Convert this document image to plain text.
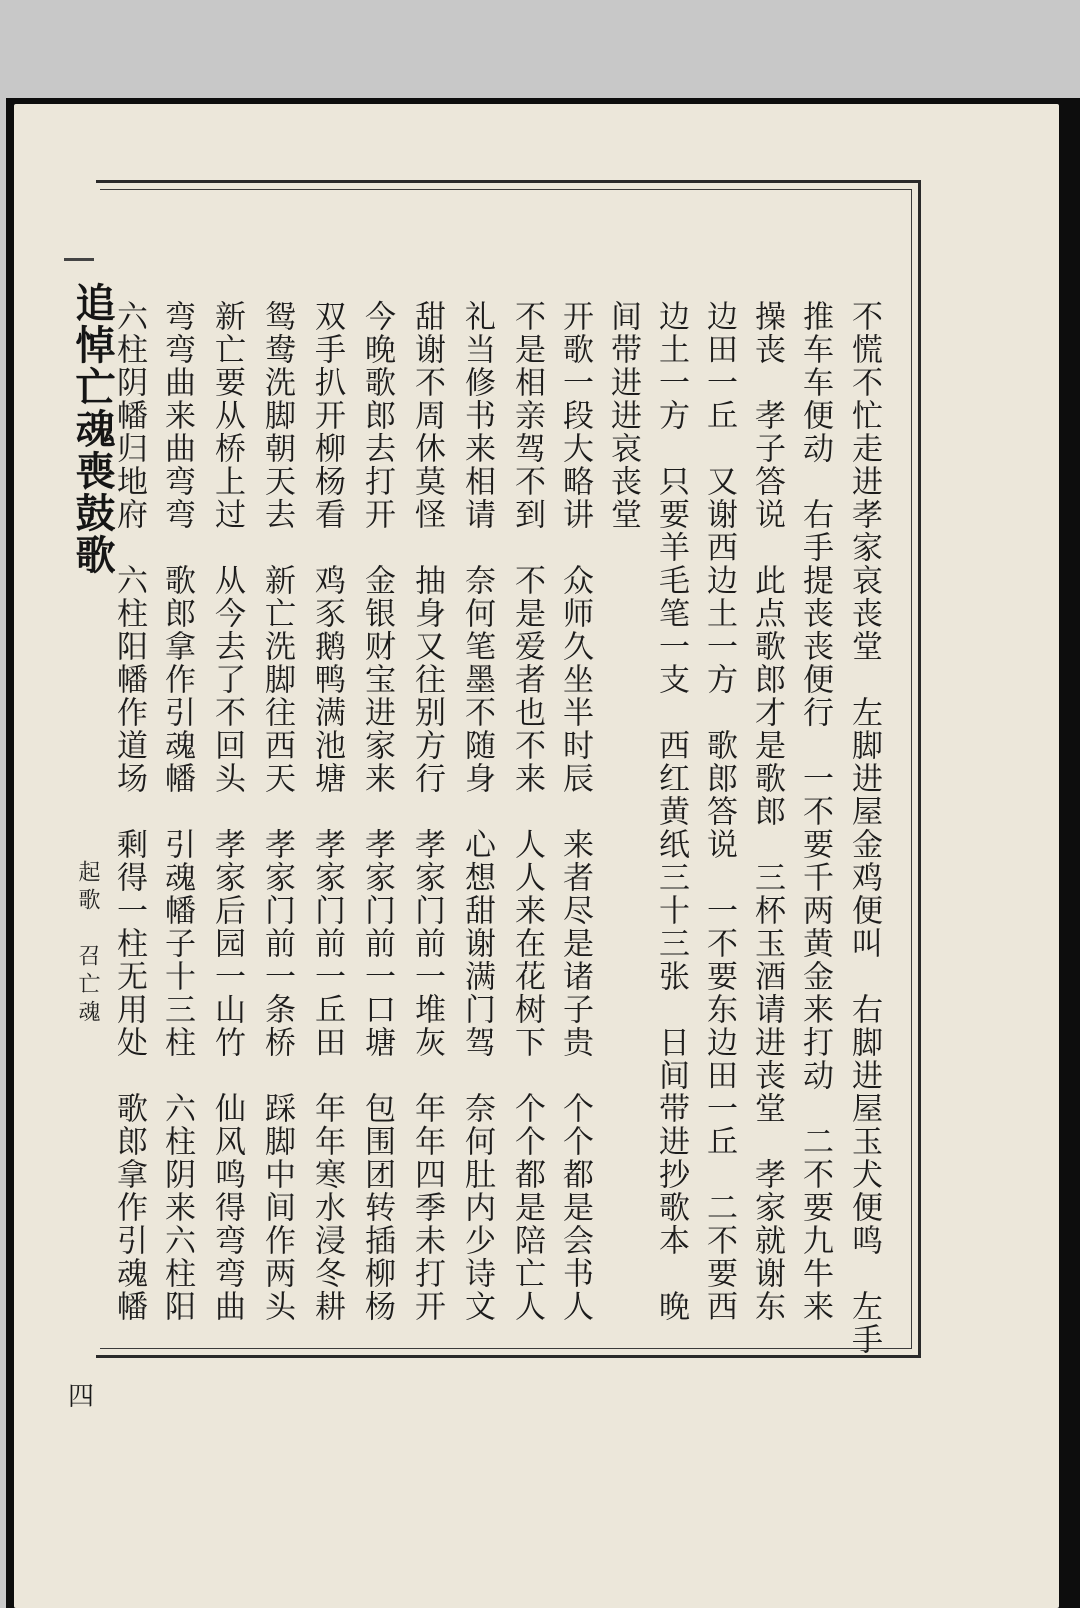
追悼亡魂喪鼓歌
起歌　召亡魂
四
不慌不忙走进孝家哀丧堂　左脚进屋金鸡便叫　右脚进屋玉犬便鸣　左手
推车车便动　右手提丧丧便行　一不要千两黄金来打动　二不要九牛来
操丧　孝子答说　此点歌郎才是歌郎　三杯玉酒请进丧堂　孝家就谢东
边田一丘　又谢西边土一方　歌郎答说　一不要东边田一丘　二不要西
边土一方　只要羊毛笔一支　西红黄纸三十三张　日间带进抄歌本　晚
间带进进哀丧堂
开歌一段大略讲　众师久坐半时辰　来者尽是诸子贵　个个都是会书人
不是相亲驾不到　不是爱者也不来　人人来在花树下　个个都是陪亡人
礼当修书来相请　奈何笔墨不随身　心想甜谢满门驾　奈何肚内少诗文
甜谢不周休莫怪　抽身又往别方行　孝家门前一堆灰　年年四季未打开
今晚歌郎去打开　金银财宝进家来　孝家门前一口塘　包围团转插柳杨
双手扒开柳杨看　鸡豕鹅鸭满池塘　孝家门前一丘田　年年寒水浸冬耕
鸳鸯洗脚朝天去　新亡洗脚往西天　孝家门前一条桥　踩脚中间作两头
新亡要从桥上过　从今去了不回头　孝家后园一山竹　仙风鸣得弯弯曲
弯弯曲来曲弯弯　歌郎拿作引魂幡　引魂幡子十三柱　六柱阴来六柱阳
六柱阴幡归地府　六柱阳幡作道场　剩得一柱无用处　歌郎拿作引魂幡
